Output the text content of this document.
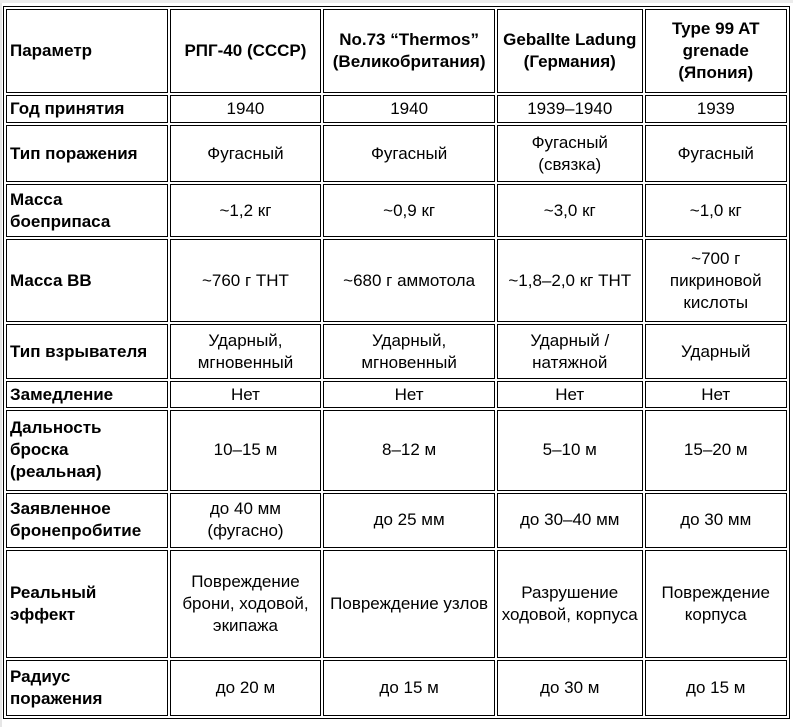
Параметр	РПГ-40 (СССР)	No.73 “Thermos” (Великобритания)	Geballte Ladung (Германия)	Type 99 AT grenade (Япония)
Год принятия	1940	1940	1939–1940	1939
Тип поражения	Фугасный	Фугасный	Фугасный (связка)	Фугасный
Масса боеприпаса	~1,2 кг	~0,9 кг	~3,0 кг	~1,0 кг
Масса ВВ	~760 г ТНТ	~680 г аммотола	~1,8–2,0 кг ТНТ	~700 г пикриновой кислоты
Тип взрывателя	Ударный, мгновенный	Ударный, мгновенный	Ударный / натяжной	Ударный
Замедление	Нет	Нет	Нет	Нет
Дальность броска (реальная)	10–15 м	8–12 м	5–10 м	15–20 м
Заявленное бронепробитие	до 40 мм (фугасно)	до 25 мм	до 30–40 мм	до 30 мм
Реальный эффект	Повреждение брони, ходовой, экипажа	Повреждение узлов	Разрушение ходовой, корпуса	Повреждение корпуса
Радиус поражения	до 20 м	до 15 м	до 30 м	до 15 м
